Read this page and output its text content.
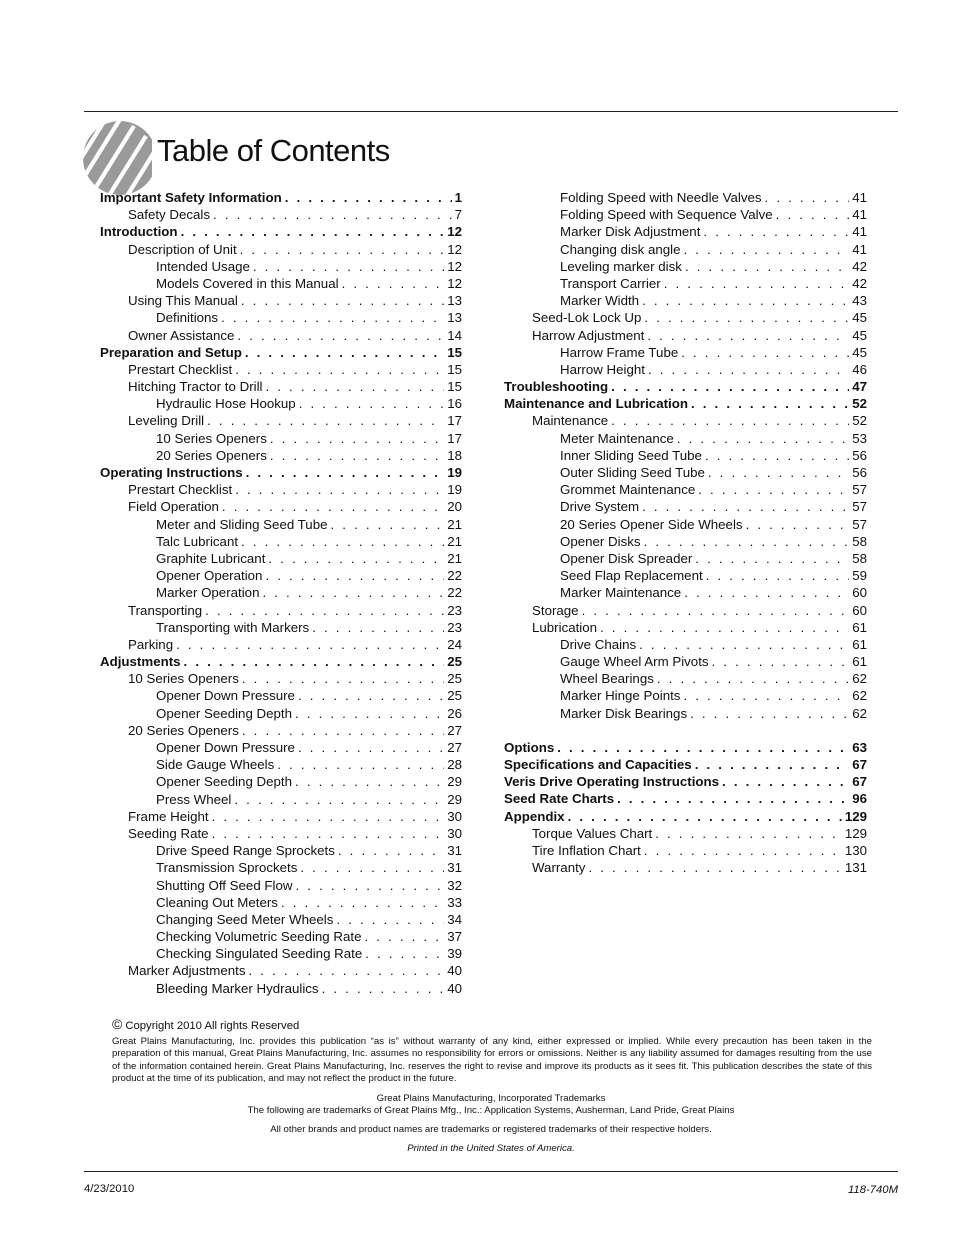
Table of Contents
Important Safety Information . . .	1
Safety Decals . . .	7
Introduction . . .	12
Description of Unit . . .	12
Intended Usage . . .	12
Models Covered in this Manual . . .	12
Using This Manual . . .	13
Definitions . . .	13
Owner Assistance . . .	14
Preparation and Setup . . .	15
Prestart Checklist . . .	15
Hitching Tractor to Drill . . .	15
Hydraulic Hose Hookup . . .	16
Leveling Drill . . .	17
10 Series Openers . . .	17
20 Series Openers . . .	18
Operating Instructions . . .	19
Prestart Checklist . . .	19
Field Operation . . .	20
Meter and Sliding Seed Tube . . .	21
Talc Lubricant . . .	21
Graphite Lubricant . . .	21
Opener Operation . . .	22
Marker Operation . . .	22
Transporting . . .	23
Transporting with Markers . . .	23
Parking . . .	24
Adjustments . . .	25
10 Series Openers . . .	25
Opener Down Pressure . . .	25
Opener Seeding Depth . . .	26
20 Series Openers . . .	27
Opener Down Pressure . . .	27
Side Gauge Wheels . . .	28
Opener Seeding Depth . . .	29
Press Wheel . . .	29
Frame Height . . .	30
Seeding Rate . . .	30
Drive Speed Range Sprockets . . .	31
Transmission Sprockets . . .	31
Shutting Off Seed Flow . . .	32
Cleaning Out Meters . . .	33
Changing Seed Meter Wheels . . .	34
Checking Volumetric Seeding Rate . . .	37
Checking Singulated Seeding Rate . . .	39
Marker Adjustments . . .	40
Bleeding Marker Hydraulics . . .	40
Folding Speed with Needle Valves . . .	41
Folding Speed with Sequence Valve . . .	41
Marker Disk Adjustment . . .	41
Changing disk angle . . .	41
Leveling marker disk . . .	42
Transport Carrier . . .	42
Marker Width . . .	43
Seed-Lok Lock Up . . .	45
Harrow Adjustment . . .	45
Harrow Frame Tube . . .	45
Harrow Height . . .	46
Troubleshooting . . .	47
Maintenance and Lubrication . . .	52
Maintenance . . .	52
Meter Maintenance . . .	53
Inner Sliding Seed Tube . . .	56
Outer Sliding Seed Tube . . .	56
Grommet Maintenance . . .	57
Drive System . . .	57
20 Series Opener Side Wheels . . .	57
Opener Disks . . .	58
Opener Disk Spreader . . .	58
Seed Flap Replacement . . .	59
Marker Maintenance . . .	60
Storage . . .	60
Lubrication . . .	61
Drive Chains . . .	61
Gauge Wheel Arm Pivots . . .	61
Wheel Bearings . . .	62
Marker Hinge Points . . .	62
Marker Disk Bearings . . .	62
Options . . .	63
Specifications and Capacities . . .	67
Veris Drive Operating Instructions . . .	67
Seed Rate Charts . . .	96
Appendix . . .	129
Torque Values Chart . . .	129
Tire Inflation Chart . . .	130
Warranty . . .	131
© Copyright 2010 All rights Reserved
Great Plains Manufacturing, Inc. provides this publication “as is” without warranty of any kind, either expressed or implied. While every precaution has been taken in the preparation of this manual, Great Plains Manufacturing, Inc. assumes no responsibility for errors or omissions. Neither is any liability assumed for damages resulting from the use of the information contained herein. Great Plains Manufacturing, Inc. reserves the right to revise and improve its products as it sees fit. This publication describes the state of this product at the time of its publication, and may not reflect the product in the future.
Great Plains Manufacturing, Incorporated Trademarks
The following are trademarks of Great Plains Mfg., Inc.: Application Systems, Ausherman, Land Pride, Great Plains
All other brands and product names are trademarks or registered trademarks of their respective holders.
Printed in the United States of America.
4/23/2010	118-740M
